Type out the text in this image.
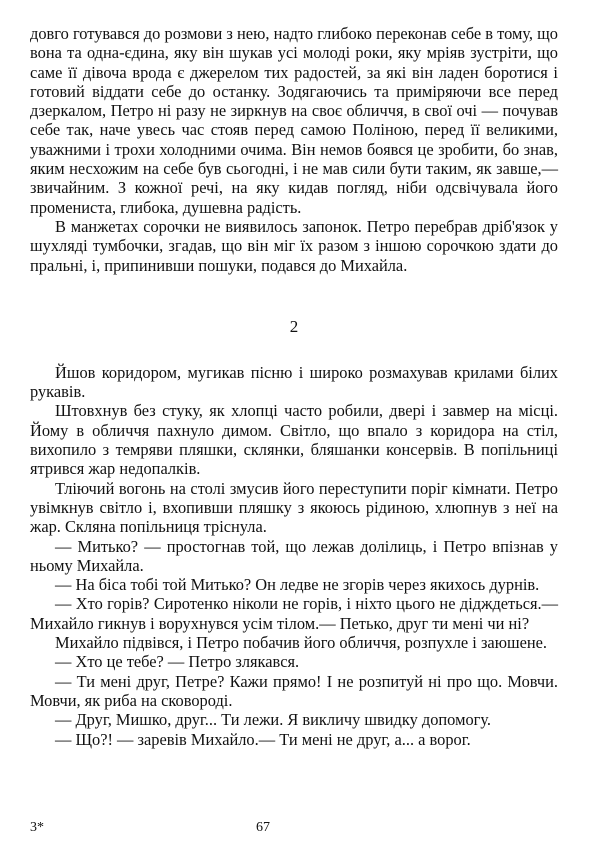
довго готувався до розмови з нею, надто глибоко переконав себе в тому, що вона та одна-єдина, яку він шукав усі молоді роки, яку мріяв зустріти, що саме її дівоча врода є джерелом тих радостей, за які він ладен боротися і готовий віддати себе до останку. Зодягаючись та приміряючи все перед дзеркалом, Петро ні разу не зиркнув на своє обличчя, в свої очі — почував себе так, наче увесь час стояв перед самою Поліною, перед її великими, уважними і трохи холодними очима. Він немов боявся це зробити, бо знав, яким несхожим на себе був сьогодні, і не мав сили бути таким, як завше,— звичайним. З кожної речі, на яку кидав погляд, ніби одсвічувала його промениста, глибока, душевна радість.

В манжетах сорочки не виявилось запонок. Петро перебрав дріб'язок у шухляді тумбочки, згадав, що він міг їх разом з іншою сорочкою здати до пральні, і, припинивши пошуки, подався до Михайла.

2

Йшов коридором, мугикав пісню і широко розмахував крилами білих рукавів.

Штовхнув без стуку, як хлопці часто робили, двері і завмер на місці. Йому в обличчя пахнуло димом. Світло, що впало з коридора на стіл, вихопило з темряви пляшки, склянки, бляшанки консервів. В попільниці ятрився жар недопалків.

Тліючий вогонь на столі змусив його переступити поріг кімнати. Петро увімкнув світло і, вхопивши пляшку з якоюсь рідиною, хлюпнув з неї на жар. Скляна попільниця тріснула.

— Митько? — простогнав той, що лежав долілиць, і Петро впізнав у ньому Михайла.

— На біса тобі той Митько? Он ледве не згорів через якихось дурнів.

— Хто горів? Сиротенко ніколи не горів, і ніхто цього не дідждеться.— Михайло гикнув і ворухнувся усім тілом.— Петько, друг ти мені чи ні?

Михайло підвівся, і Петро побачив його обличчя, розпухле і заюшене.

— Хто це тебе? — Петро злякався.

— Ти мені друг, Петре? Кажи прямо! І не розпитуй ні про що. Мовчи. Мовчи, як риба на сковороді.

— Друг, Мишко, друг... Ти лежи. Я викличу швидку допомогу.

— Що?! — заревів Михайло.— Ти мені не друг, а... а ворог.

3*	67
